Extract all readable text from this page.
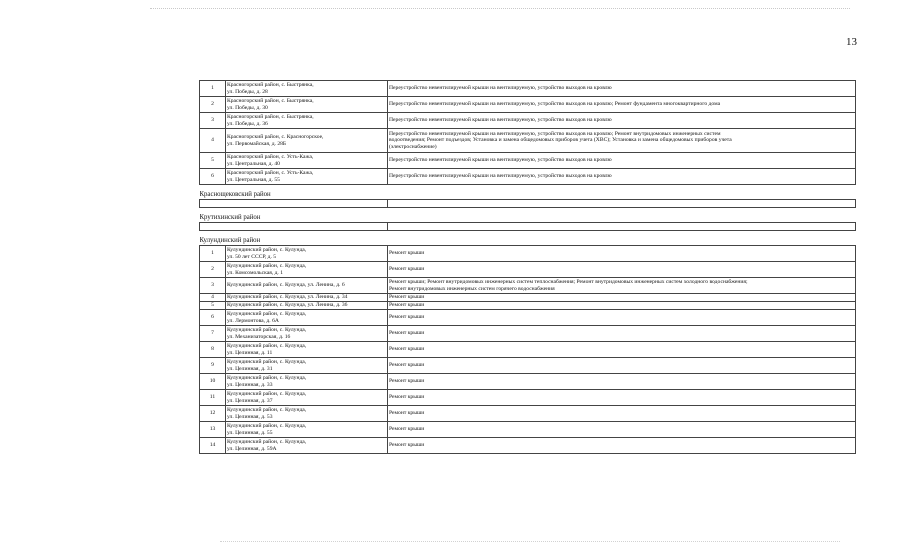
13
1	Красногорский район, с. Быстрянка,
ул. Победы, д. 28	Переустройство невентилируемой крыши на вентилируемую, устройство выходов на кровлю
2	Красногорский район, с. Быстрянка,
ул. Победы, д. 30	Переустройство невентилируемой крыши на вентилируемую, устройство выходов на кровлю; Ремонт фундамента многоквартирного дома
3	Красногорский район, с. Быстрянка,
ул. Победы, д. 36	Переустройство невентилируемой крыши на вентилируемую, устройство выходов на кровлю
4	Красногорский район, с. Красногорское,
ул. Первомайская, д. 28Б	Переустройство невентилируемой крыши на вентилируемую, устройство выходов на кровлю; Ремонт внутридомовых инженерных систем
водоотведения; Ремонт подъездов; Установка и замена общедомовых приборов учета (ХВС); Установка и замена общедомовых приборов учета
(электроснабжение)
5	Красногорский район, с. Усть-Кажа,
ул. Центральная, д. 40	Переустройство невентилируемой крыши на вентилируемую, устройство выходов на кровлю
6	Красногорский район, с. Усть-Кажа,
ул. Центральная, д. 55	Переустройство невентилируемой крыши на вентилируемую, устройство выходов на кровлю
Краснощековский район		

Крутихинский район		

Кулундинский район		
1	Кулундинский район, с. Кулунда,
ул. 50 лет СССР, д. 5	Ремонт крыши
2	Кулундинский район, с. Кулунда,
ул. Комсомольская, д. 1	Ремонт крыши
3	Кулундинский район, с. Кулунда, ул. Ленина, д. 6	Ремонт крыши; Ремонт внутридомовых инженерных систем теплоснабжения; Ремонт внутридомовых инженерных систем холодного водоснабжения;
Ремонт внутридомовых инженерных систем горячего водоснабжения
4	Кулундинский район, с. Кулунда, ул. Ленина, д. 34	Ремонт крыши
5	Кулундинский район, с. Кулунда, ул. Ленина, д. 36	Ремонт крыши
6	Кулундинский район, с. Кулунда,
ул. Лермонтова, д. 6А	Ремонт крыши
7	Кулундинский район, с. Кулунда,
ул. Механизаторская, д. 16	Ремонт крыши
8	Кулундинский район, с. Кулунда,
ул. Целинная, д. 11	Ремонт крыши
9	Кулундинский район, с. Кулунда,
ул. Целинная, д. 31	Ремонт крыши
10	Кулундинский район, с. Кулунда,
ул. Целинная, д. 33	Ремонт крыши
11	Кулундинский район, с. Кулунда,
ул. Целинная, д. 37	Ремонт крыши
12	Кулундинский район, с. Кулунда,
ул. Целинная, д. 53	Ремонт крыши
13	Кулундинский район, с. Кулунда,
ул. Целинная, д. 55	Ремонт крыши
14	Кулундинский район, с. Кулунда,
ул. Целинная, д. 59А	Ремонт крыши
